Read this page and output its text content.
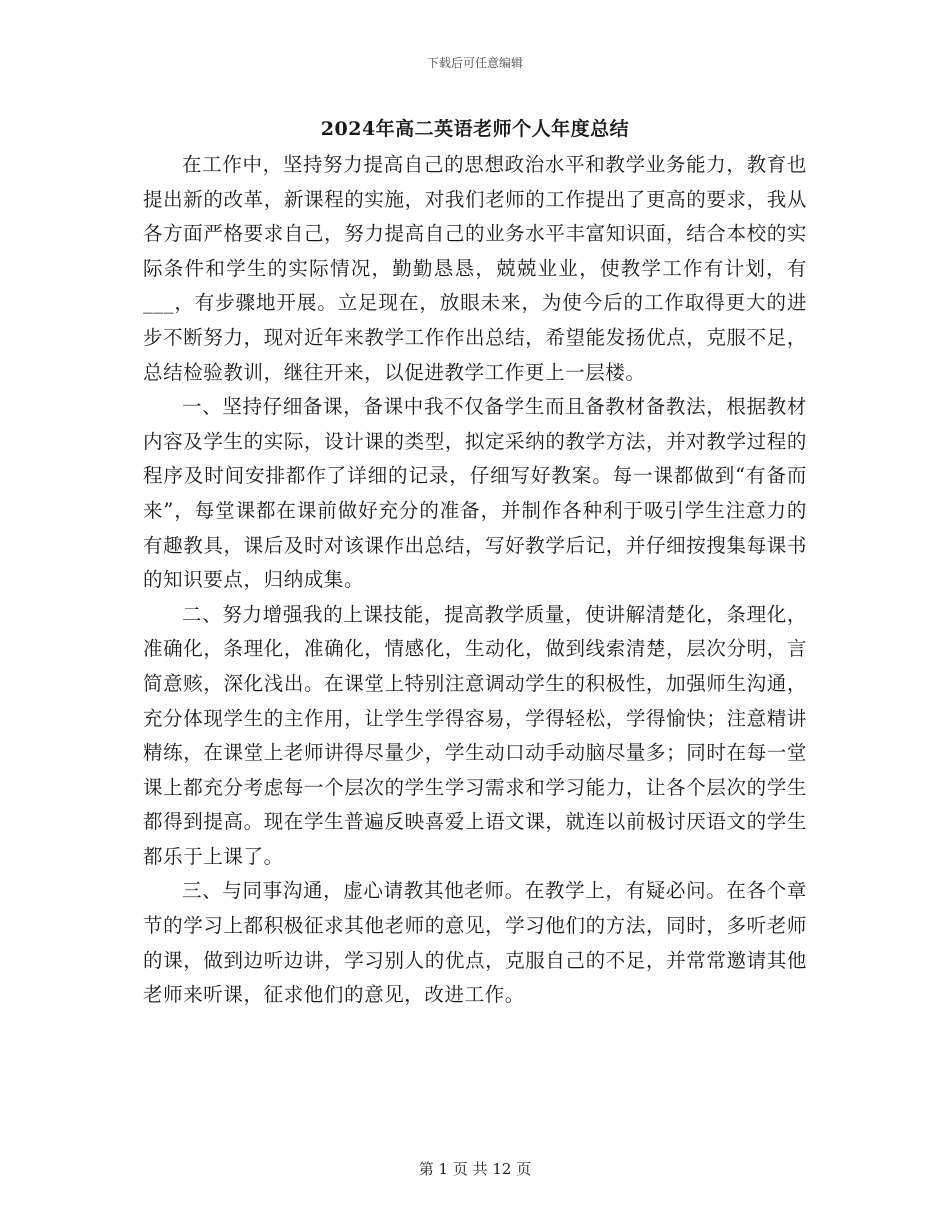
下载后可任意编辑
2024年高二英语老师个人年度总结

在工作中，坚持努力提高自己的思想政治水平和教学业务能力，教育也提出新的改革，新课程的实施，对我们老师的工作提出了更高的要求，我从各方面严格要求自己，努力提高自己的业务水平丰富知识面，结合本校的实际条件和学生的实际情况，勤勤恳恳，兢兢业业，使教学工作有计划，有___，有步骤地开展。立足现在，放眼未来，为使今后的工作取得更大的进步不断努力，现对近年来教学工作作出总结，希望能发扬优点，克服不足，总结检验教训，继往开来，以促进教学工作更上一层楼。

一、坚持仔细备课，备课中我不仅备学生而且备教材备教法，根据教材内容及学生的实际，设计课的类型，拟定采纳的教学方法，并对教学过程的程序及时间安排都作了详细的记录，仔细写好教案。每一课都做到“有备而来”，每堂课都在课前做好充分的准备，并制作各种利于吸引学生注意力的有趣教具，课后及时对该课作出总结，写好教学后记，并仔细按搜集每课书的知识要点，归纳成集。

二、努力增强我的上课技能，提高教学质量，使讲解清楚化，条理化，准确化，条理化，准确化，情感化，生动化，做到线索清楚，层次分明，言简意赅，深化浅出。在课堂上特别注意调动学生的积极性，加强师生沟通，充分体现学生的主作用，让学生学得容易，学得轻松，学得愉快；注意精讲精练，在课堂上老师讲得尽量少，学生动口动手动脑尽量多；同时在每一堂课上都充分考虑每一个层次的学生学习需求和学习能力，让各个层次的学生都得到提高。现在学生普遍反映喜爱上语文课，就连以前极讨厌语文的学生都乐于上课了。

三、与同事沟通，虚心请教其他老师。在教学上，有疑必问。在各个章节的学习上都积极征求其他老师的意见，学习他们的方法，同时，多听老师的课，做到边听边讲，学习别人的优点，克服自己的不足，并常常邀请其他老师来听课，征求他们的意见，改进工作。

第 1 页 共 12 页
